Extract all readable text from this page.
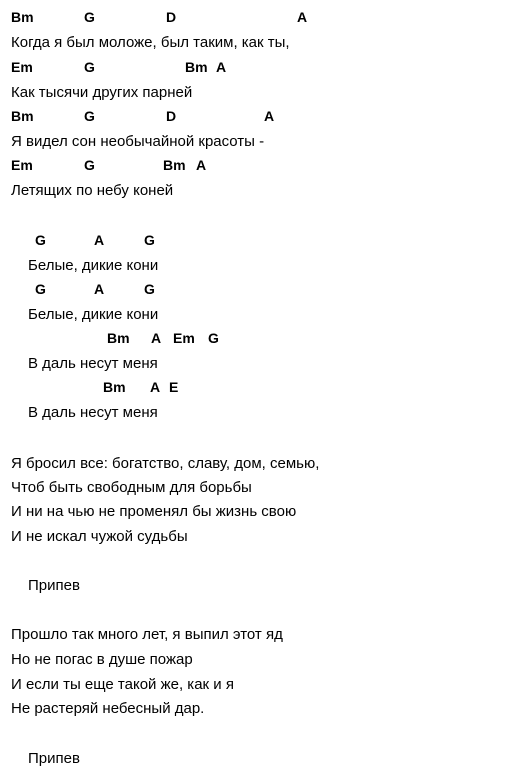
Bm

	G

	D

	A

Когда я был моложе, был таким, как ты,

Em

	G

	Bm

A

Как тысячи других парней

Bm

	G

	D

	A

Я видел сон необычайной красоты -

Em

	G

	Bm

A

Летящих по небу коней

G

	A

	G

Белые, дикие кони

G

	A

	G

Белые, дикие кони

Bm

A

Em

G

В даль несут меня

Bm

A

E

В даль несут меня
Я бросил все: богатство, славу, дом, семью,
Чтоб быть свободным для борьбы
И ни на чью не променял бы жизнь свою
И не искал чужой судьбы
Припев
Прошло так много лет, я выпил этот яд
Но не погас в душе пожар
И если ты еще такой же, как и я
Не растеряй небесный дар.
Припев
